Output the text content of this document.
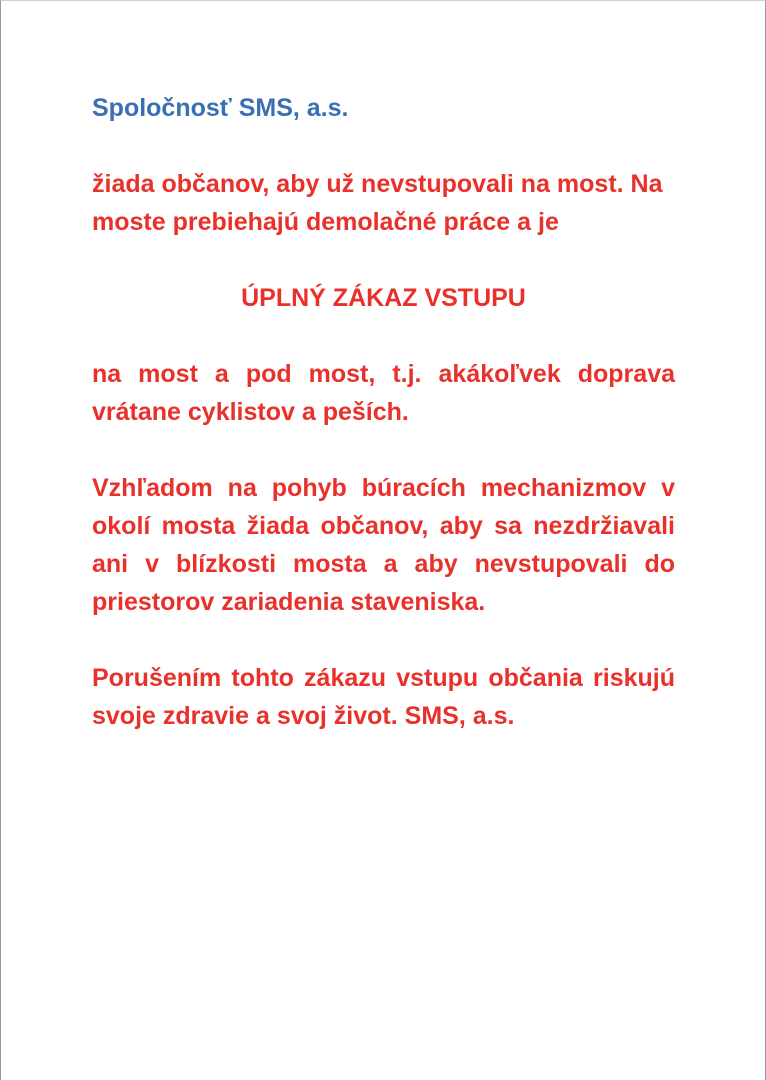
Spoločnosť SMS, a.s.

žiada občanov, aby už nevstupovali na most. Na moste prebiehajú demolačné práce a je

ÚPLNÝ ZÁKAZ VSTUPU

na most a pod most, t.j. akákoľvek doprava vrátane cyklistov a peších.

Vzhľadom na pohyb búracích mechanizmov v okolí mosta žiada občanov, aby sa nezdržiavali ani v blízkosti mosta a aby nevstupovali do priestorov zariadenia staveniska.

Porušením tohto zákazu vstupu občania riskujú svoje zdravie a svoj život. SMS, a.s.
